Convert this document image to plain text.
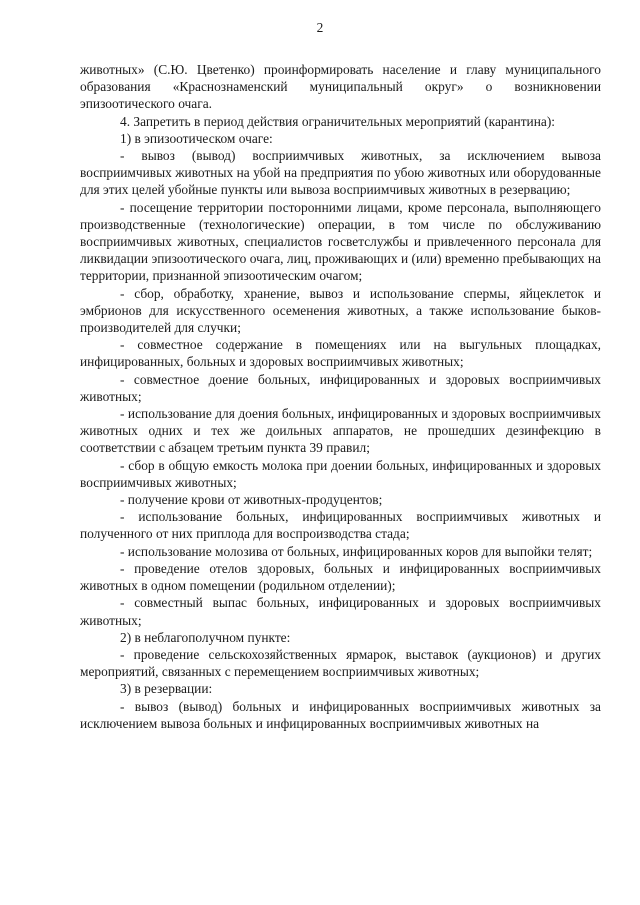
2

животных» (С.Ю. Цветенко) проинформировать население и главу муниципального образования «Краснознаменский муниципальный округ» о возникновении эпизоотического очага.

4. Запретить в период действия ограничительных мероприятий (карантина):

1) в эпизоотическом очаге:

- вывоз (вывод) восприимчивых животных, за исключением вывоза восприимчивых животных на убой на предприятия по убою животных или оборудованные для этих целей убойные пункты или вывоза восприимчивых животных в резервацию;

- посещение территории посторонними лицами, кроме персонала, выполняющего производственные (технологические) операции, в том числе по обслуживанию восприимчивых животных, специалистов госветслужбы и привлеченного персонала для ликвидации эпизоотического очага, лиц, проживающих и (или) временно пребывающих на территории, признанной эпизоотическим очагом;

- сбор, обработку, хранение, вывоз и использование спермы, яйцеклеток и эмбрионов для искусственного осеменения животных, а также использование быков-производителей для случки;

- совместное содержание в помещениях или на выгульных площадках, инфицированных, больных и здоровых восприимчивых животных;

- совместное доение больных, инфицированных и здоровых восприимчивых животных;

- использование для доения больных, инфицированных и здоровых восприимчивых животных одних и тех же доильных аппаратов, не прошедших дезинфекцию в соответствии с абзацем третьим пункта 39 правил;

- сбор в общую емкость молока при доении больных, инфицированных и здоровых восприимчивых животных;

- получение крови от животных-продуцентов;

- использование больных, инфицированных восприимчивых животных и полученного от них приплода для воспроизводства стада;

- использование молозива от больных, инфицированных коров для выпойки телят;

- проведение отелов здоровых, больных и инфицированных восприимчивых животных в одном помещении (родильном отделении);

- совместный выпас больных, инфицированных и здоровых восприимчивых животных;

2) в неблагополучном пункте:

- проведение сельскохозяйственных ярмарок, выставок (аукционов) и других мероприятий, связанных с перемещением восприимчивых животных;

3) в резервации:

- вывоз (вывод) больных и инфицированных восприимчивых животных за исключением вывоза больных и инфицированных восприимчивых животных на
